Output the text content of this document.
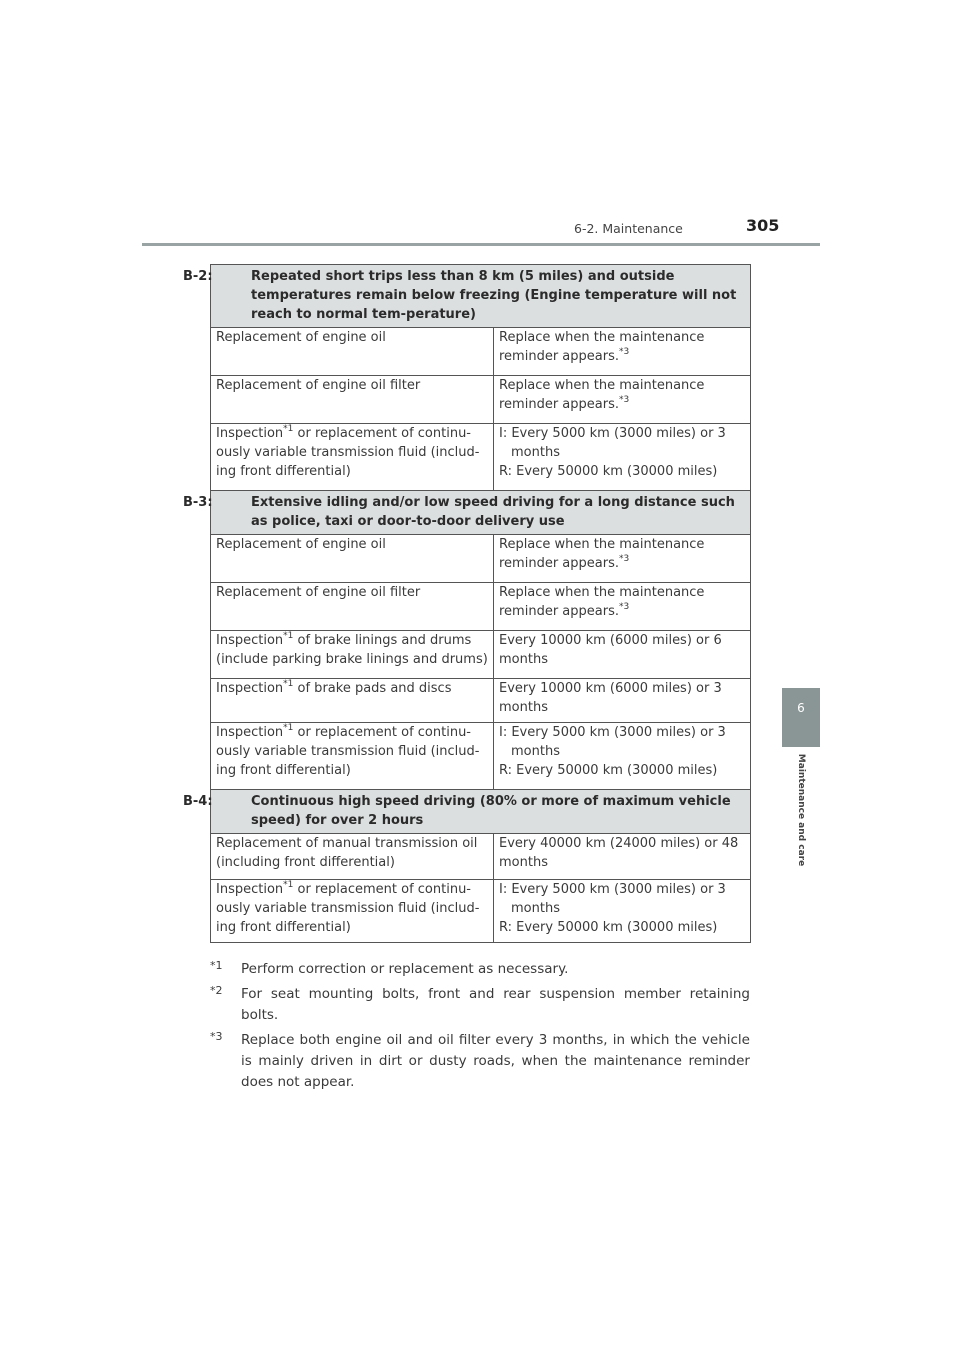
6-2. Maintenance	305
6
Maintenance and care
B-2: Repeated short trips less than 8 km (5 miles) and outside temperatures remain below freezing (Engine temperature will not reach to normal tem-perature)	

Replacement of engine oil	Replace when the maintenance reminder appears.$^{*3}$
Replacement of engine oil filter	Replace when the maintenance reminder appears.$^{*3}$
Inspection$^{*1}$ or replacement of continu-ously variable transmission fluid (includ-ing front differential)	I: Every 5000 km (3000 miles) or 3 months
R: Every 50000 km (30000 miles)

B-3: Extensive idling and/or low speed driving for a long distance such as police, taxi or door-to-door delivery use	

Replacement of engine oil	Replace when the maintenance reminder appears.$^{*3}$
Replacement of engine oil filter	Replace when the maintenance reminder appears.$^{*3}$
Inspection$^{*1}$ of brake linings and drums (include parking brake linings and drums)	Every 10000 km (6000 miles) or 6 months
Inspection$^{*1}$ of brake pads and discs	Every 10000 km (6000 miles) or 3 months
Inspection$^{*1}$ or replacement of continu-ously variable transmission fluid (includ-ing front differential)	I: Every 5000 km (3000 miles) or 3 months
R: Every 50000 km (30000 miles)

B-4: Continuous high speed driving (80% or more of maximum vehicle speed) for over 2 hours	

Replacement of manual transmission oil (including front differential)	Every 40000 km (24000 miles) or 48 months
Inspection$^{*1}$ or replacement of continu-ously variable transmission fluid (includ-ing front differential)	I: Every 5000 km (3000 miles) or 3 months
R: Every 50000 km (30000 miles)
*1 Perform correction or replacement as necessary.
*2 For seat mounting bolts, front and rear suspension member retaining bolts.
*3 Replace both engine oil and oil filter every 3 months, in which the vehicle is mainly driven in dirt or dusty roads, when the maintenance reminder does not appear.
